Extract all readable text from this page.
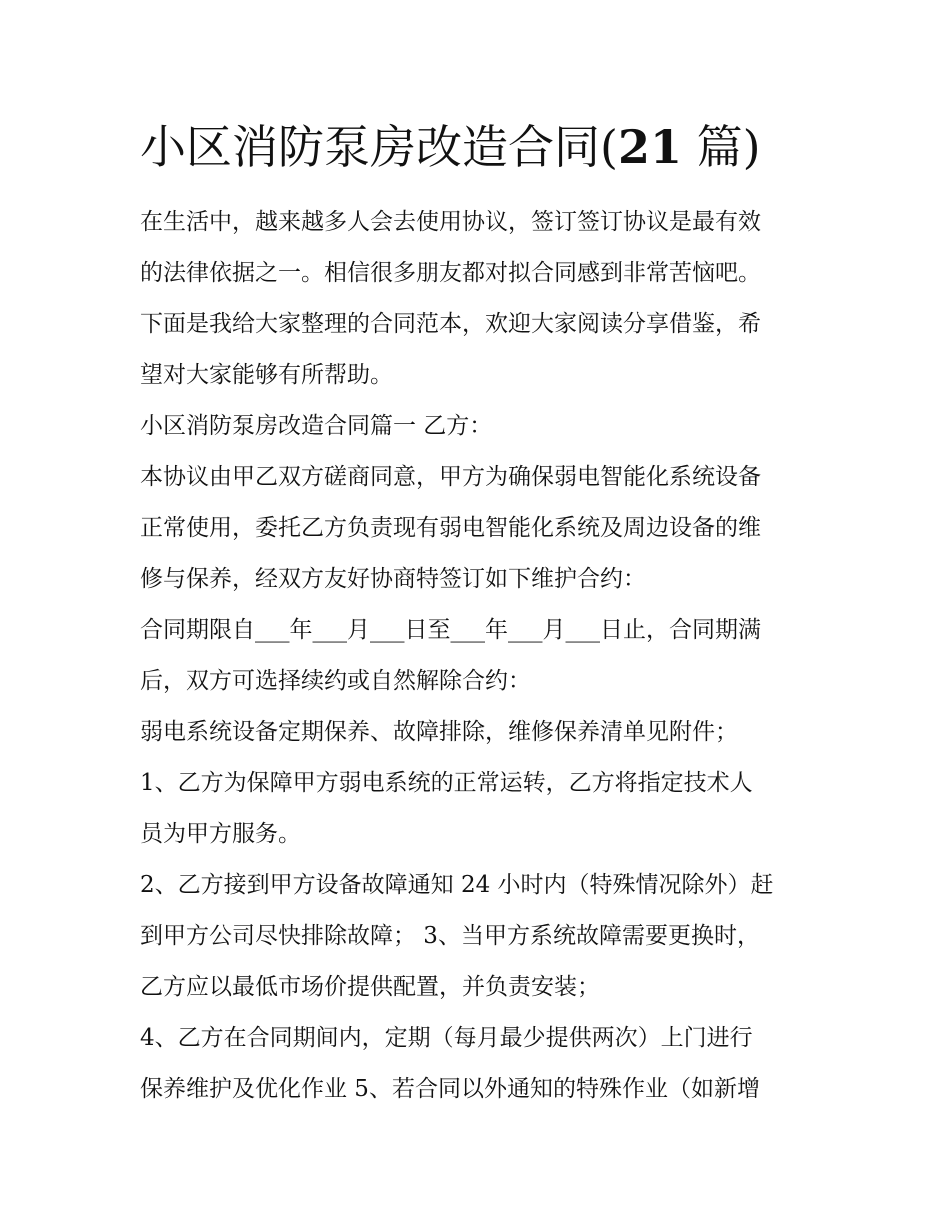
小区消防泵房改造合同(21 篇)
在生活中，越来越多人会去使用协议，签订签订协议是最有效
的法律依据之一。相信很多朋友都对拟合同感到非常苦恼吧。
下面是我给大家整理的合同范本，欢迎大家阅读分享借鉴，希
望对大家能够有所帮助。
小区消防泵房改造合同篇一 乙方：
本协议由甲乙双方磋商同意，甲方为确保弱电智能化系统设备
正常使用，委托乙方负责现有弱电智能化系统及周边设备的维
修与保养，经双方友好协商特签订如下维护合约：
合同期限自___年___月___日至___年___月___日止，合同期满
后，双方可选择续约或自然解除合约：
弱电系统设备定期保养、故障排除，维修保养清单见附件；
1、乙方为保障甲方弱电系统的正常运转，乙方将指定技术人
员为甲方服务。
2、乙方接到甲方设备故障通知 24 小时内（特殊情况除外）赶
到甲方公司尽快排除故障； 3、当甲方系统故障需要更换时，
乙方应以最低市场价提供配置，并负责安装；
4、乙方在合同期间内，定期（每月最少提供两次）上门进行
保养维护及优化作业 5、若合同以外通知的特殊作业（如新增
